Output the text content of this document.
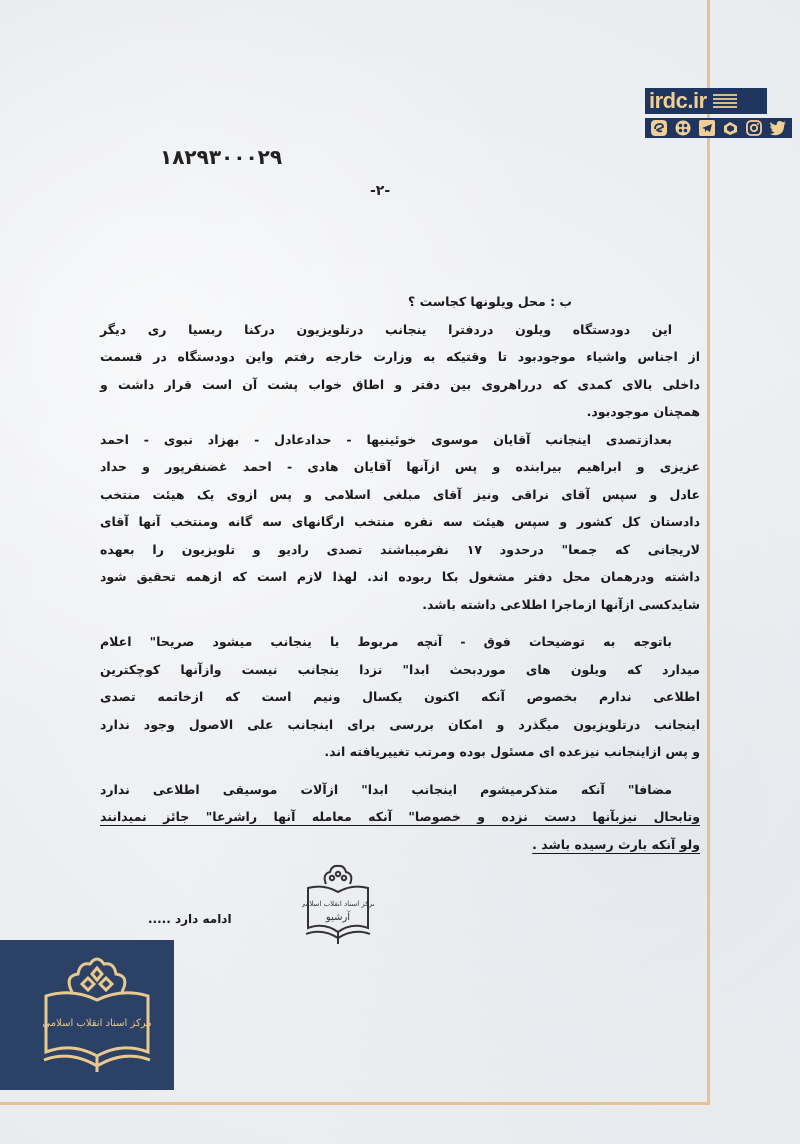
irdc.ir
۱۸۲۹۳۰۰۰۲۹
-۲-
ب : محل ویلونها کجاست ؟
این دودستگاه ویلون دردفترا ینجانب درتلویزیون درکنا ربسیا ری دیگر
از اجناس واشیاء موجودبود تا وقتیکه به وزارت خارجه رفتم واین دودستگاه در قسمت
داخلی بالای کمدی که درراهروی بین دفتر و اطاق خواب پشت آن است قرار داشت و
همچنان موجودبود.
بعدازتصدی اینجانب آقایان موسوی خوئینیها - حدادعادل - بهزاد نبوی - احمد
عزیزی و ابراهیم بیرابنده و پس ازآنها آقایان هادی - احمد غضنفرپور و حداد
عادل و سپس آقای نراقی ونیز آقای مبلغی اسلامی و پس ازوی یک هیئت منتخب
دادستان کل کشور و سپس هیئت سه نفره منتخب ارگانهای سه گانه ومنتخب آنها آقای
لاریجانی که جمعا" درحدود ۱۷ نفرمیباشند تصدی رادیو و تلویزیون را بعهده
داشته ودرهمان محل دفتر مشغول بکا ربوده اند. لهذا لازم است که ازهمه تحقیق شود
شایدکسی ازآنها ازماجرا اطلاعی داشته باشد.
باتوجه به توضیحات فوق - آنچه مربوط با ینجانب میشود صریحا" اعلام
میدارد که ویلون های موردبحث ابدا" نزدا ینجانب نیست وازآنها کوچکترین
اطلاعی ندارم بخصوص آنکه اکنون یکسال ونیم است که ازخاتمه تصدی
اینجانب درتلویزیون میگذرد و امکان بررسی برای اینجانب علی الاصول وجود ندارد
و پس ازاینجانب نیزعده ای مسئول بوده ومرتب تغییریافته اند.
مضافا" آنکه متذکرمیشوم اینجانب ابدا" ازآلات موسیقی اطلاعی ندارد
وتابحال نیزبآنها دست نزده و خصوصا" آنکه معامله آنها راشرعا" جائز نمیدانند
ولو آنکه بارث رسیده باشد .
مرکز اسناد انقلاب اسلامی
آرشیو
ادامه دارد .....
مرکز اسناد انقلاب اسلامی
